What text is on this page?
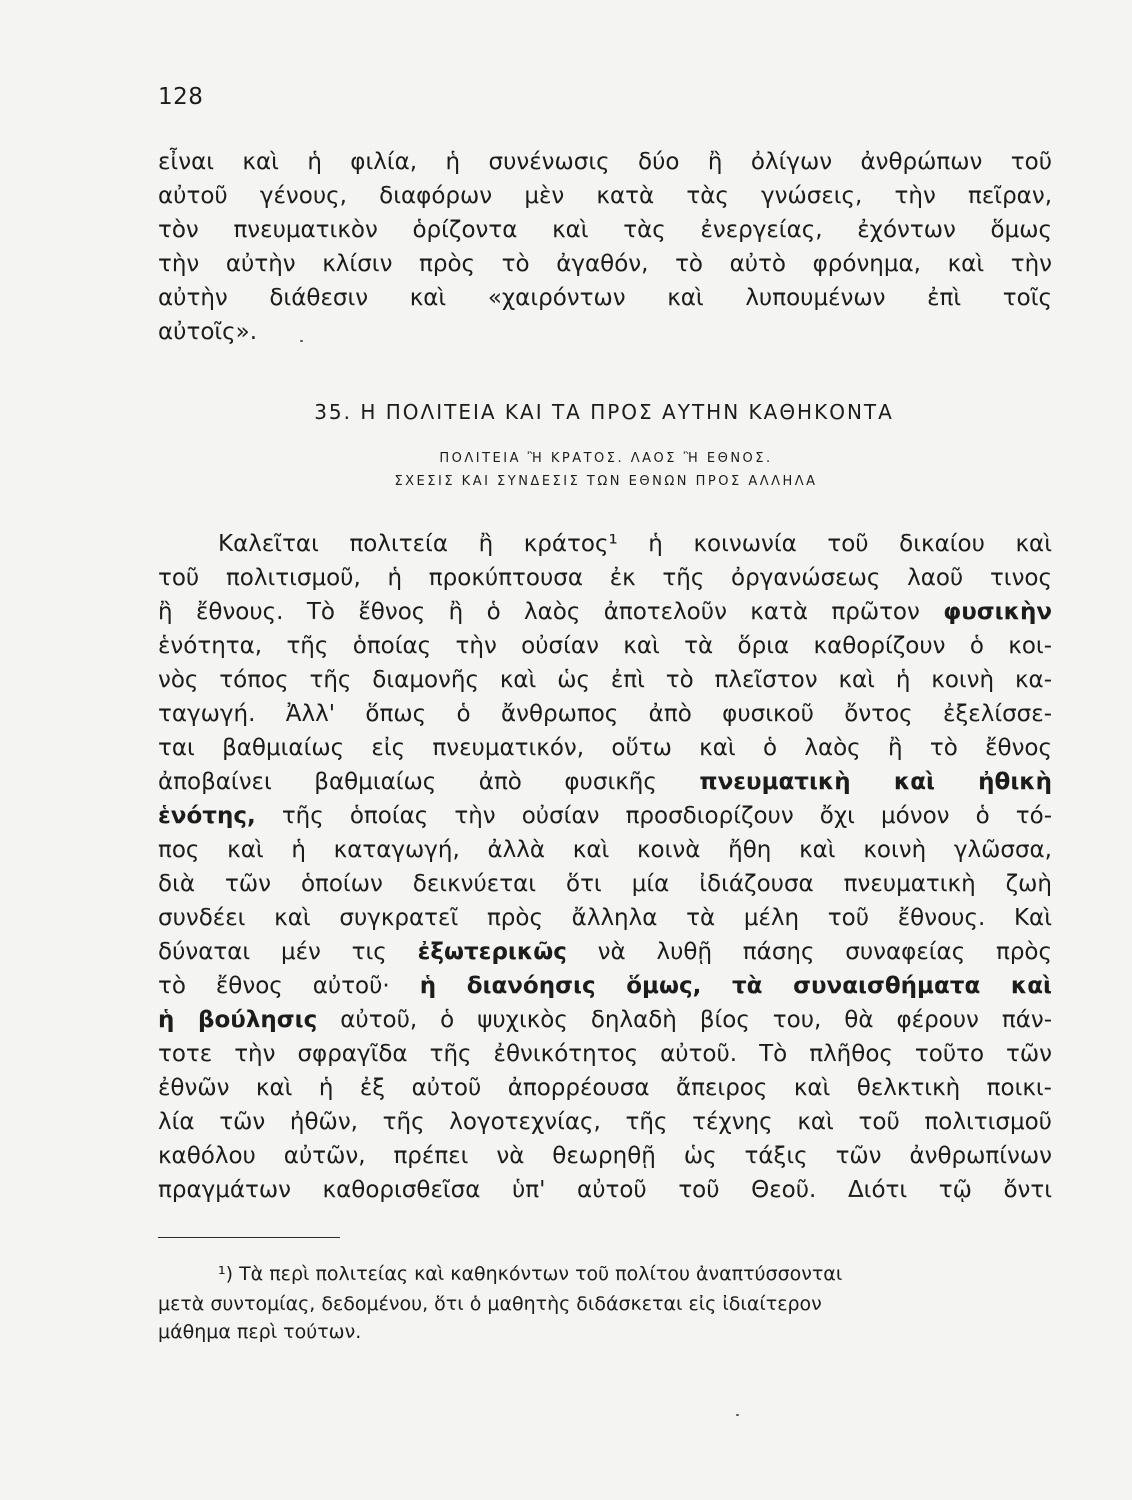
128
εἶναι καὶ ἡ φιλία, ἡ συνένωσις δύο ἢ ὀλίγων ἀνθρώπων τοῦ
αὐτοῦ γένους, διαφόρων μὲν κατὰ τὰς γνώσεις, τὴν πεῖραν,
τὸν πνευματικὸν ὁρίζοντα καὶ τὰς ἐνεργείας, ἐχόντων ὅμως
τὴν αὐτὴν κλίσιν πρὸς τὸ ἀγαθόν, τὸ αὐτὸ φρόνημα, καὶ τὴν
αὐτὴν διάθεσιν καὶ «χαιρόντων καὶ λυπουμένων ἐπὶ τοῖς
αὐτοῖς».
35. Η ΠΟΛΙΤΕΙΑ ΚΑΙ ΤΑ ΠΡΟΣ ΑΥΤΗΝ ΚΑΘΗΚΟΝΤΑ
ΠΟΛΙΤΕΙΑ Ἢ ΚΡΑΤΟΣ. ΛΑΟΣ Ἢ ΕΘΝΟΣ.
ΣΧΕΣΙΣ ΚΑΙ ΣΥΝΔΕΣΙΣ ΤΩΝ ΕΘΝΩΝ ΠΡΟΣ ΑΛΛΗΛΑ
Καλεῖται πολιτεία ἢ κράτος¹ ἡ κοινωνία τοῦ δικαίου καὶ
τοῦ πολιτισμοῦ, ἡ προκύπτουσα ἐκ τῆς ὀργανώσεως λαοῦ τινος
ἢ ἔθνους. Τὸ ἔθνος ἢ ὁ λαὸς ἀποτελοῦν κατὰ πρῶτον φυσικὴν
ἑνότητα, τῆς ὁποίας τὴν οὐσίαν καὶ τὰ ὅρια καθορίζουν ὁ κοι-
νὸς τόπος τῆς διαμονῆς καὶ ὡς ἐπὶ τὸ πλεῖστον καὶ ἡ κοινὴ κα-
ταγωγή. Ἀλλ' ὅπως ὁ ἄνθρωπος ἀπὸ φυσικοῦ ὄντος ἐξελίσσε-
ται βαθμιαίως εἰς πνευματικόν, οὕτω καὶ ὁ λαὸς ἢ τὸ ἔθνος
ἀποβαίνει βαθμιαίως ἀπὸ φυσικῆς πνευματικὴ καὶ ἠθικὴ
ἑνότης, τῆς ὁποίας τὴν οὐσίαν προσδιορίζουν ὄχι μόνον ὁ τό-
πος καὶ ἡ καταγωγή, ἀλλὰ καὶ κοινὰ ἤθη καὶ κοινὴ γλῶσσα,
διὰ τῶν ὁποίων δεικνύεται ὅτι μία ἰδιάζουσα πνευματικὴ ζωὴ
συνδέει καὶ συγκρατεῖ πρὸς ἄλληλα τὰ μέλη τοῦ ἔθνους. Καὶ
δύναται μέν τις ἐξωτερικῶς νὰ λυθῇ πάσης συναφείας πρὸς
τὸ ἔθνος αὐτοῦ· ἡ διανόησις ὅμως, τὰ συναισθήματα καὶ
ἡ βούλησις αὐτοῦ, ὁ ψυχικὸς δηλαδὴ βίος του, θὰ φέρουν πάν-
τοτε τὴν σφραγῖδα τῆς ἐθνικότητος αὐτοῦ. Τὸ πλῆθος τοῦτο τῶν
ἐθνῶν καὶ ἡ ἐξ αὐτοῦ ἀπορρέουσα ἄπειρος καὶ θελκτικὴ ποικι-
λία τῶν ἠθῶν, τῆς λογοτεχνίας, τῆς τέχνης καὶ τοῦ πολιτισμοῦ
καθόλου αὐτῶν, πρέπει νὰ θεωρηθῇ ὡς τάξις τῶν ἀνθρωπίνων
πραγμάτων καθορισθεῖσα ὑπ' αὐτοῦ τοῦ Θεοῦ. Διότι τῷ ὄντι
¹) Τὰ περὶ πολιτείας καὶ καθηκόντων τοῦ πολίτου ἀναπτύσσονται
μετὰ συντομίας, δεδομένου, ὅτι ὁ μαθητὴς διδάσκεται εἰς ἰδιαίτερον
μάθημα περὶ τούτων.
